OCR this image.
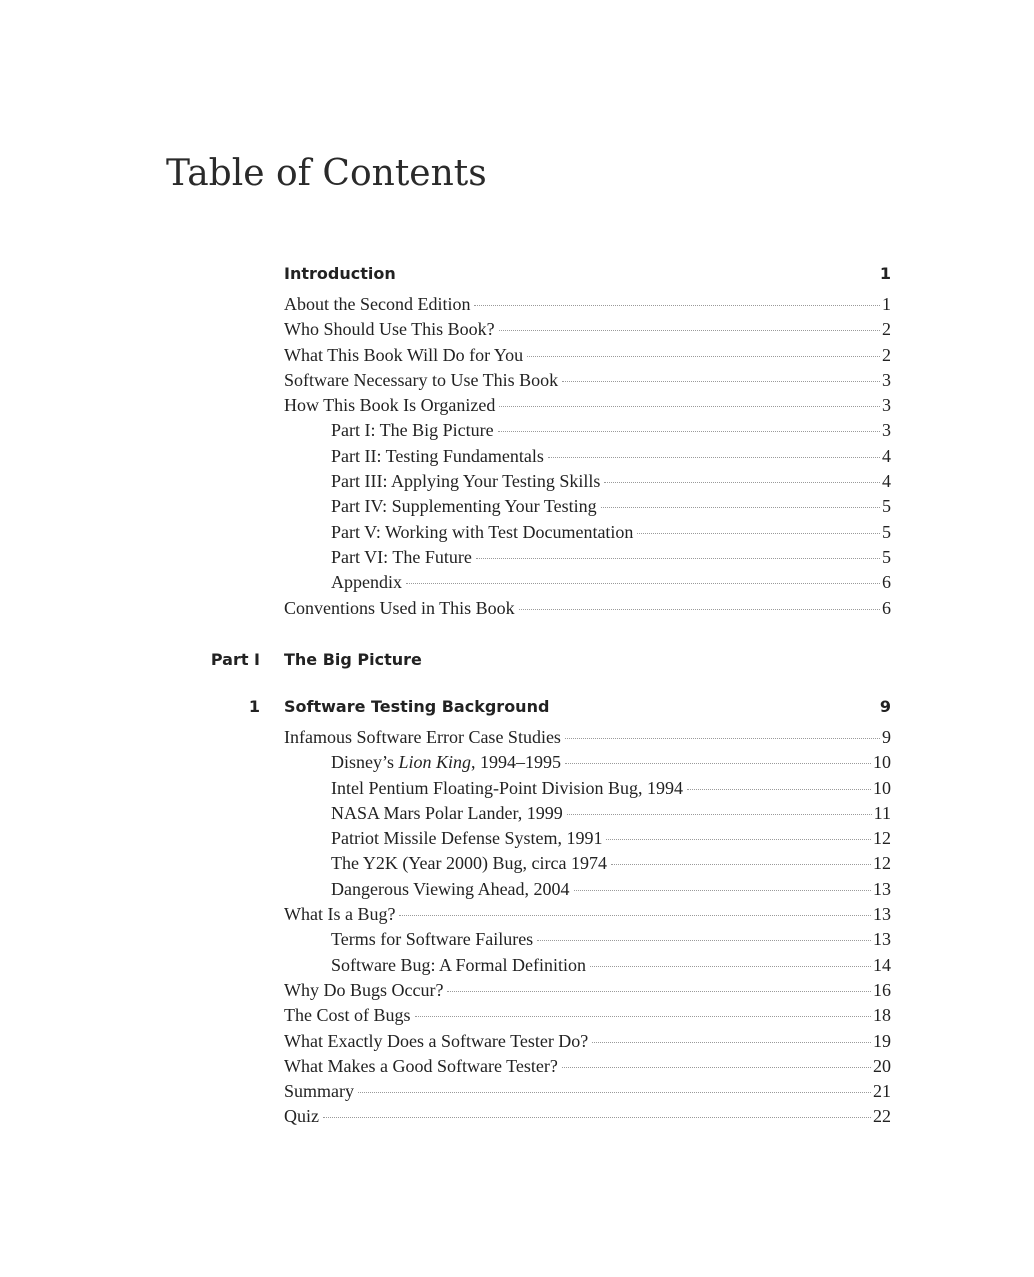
Table of Contents
Introduction	1
About the Second Edition	1
Who Should Use This Book?	2
What This Book Will Do for You	2
Software Necessary to Use This Book	3
How This Book Is Organized	3
Part I: The Big Picture	3
Part II: Testing Fundamentals	4
Part III: Applying Your Testing Skills	4
Part IV: Supplementing Your Testing	5
Part V: Working with Test Documentation	5
Part VI: The Future	5
Appendix	6
Conventions Used in This Book	6
Part I The Big Picture
1 Software Testing Background	9
Infamous Software Error Case Studies	9
Disney’s Lion King, 1994–1995	10
Intel Pentium Floating-Point Division Bug, 1994	10
NASA Mars Polar Lander, 1999	11
Patriot Missile Defense System, 1991	12
The Y2K (Year 2000) Bug, circa 1974	12
Dangerous Viewing Ahead, 2004	13
What Is a Bug?	13
Terms for Software Failures	13
Software Bug: A Formal Definition	14
Why Do Bugs Occur?	16
The Cost of Bugs	18
What Exactly Does a Software Tester Do?	19
What Makes a Good Software Tester?	20
Summary	21
Quiz	22
